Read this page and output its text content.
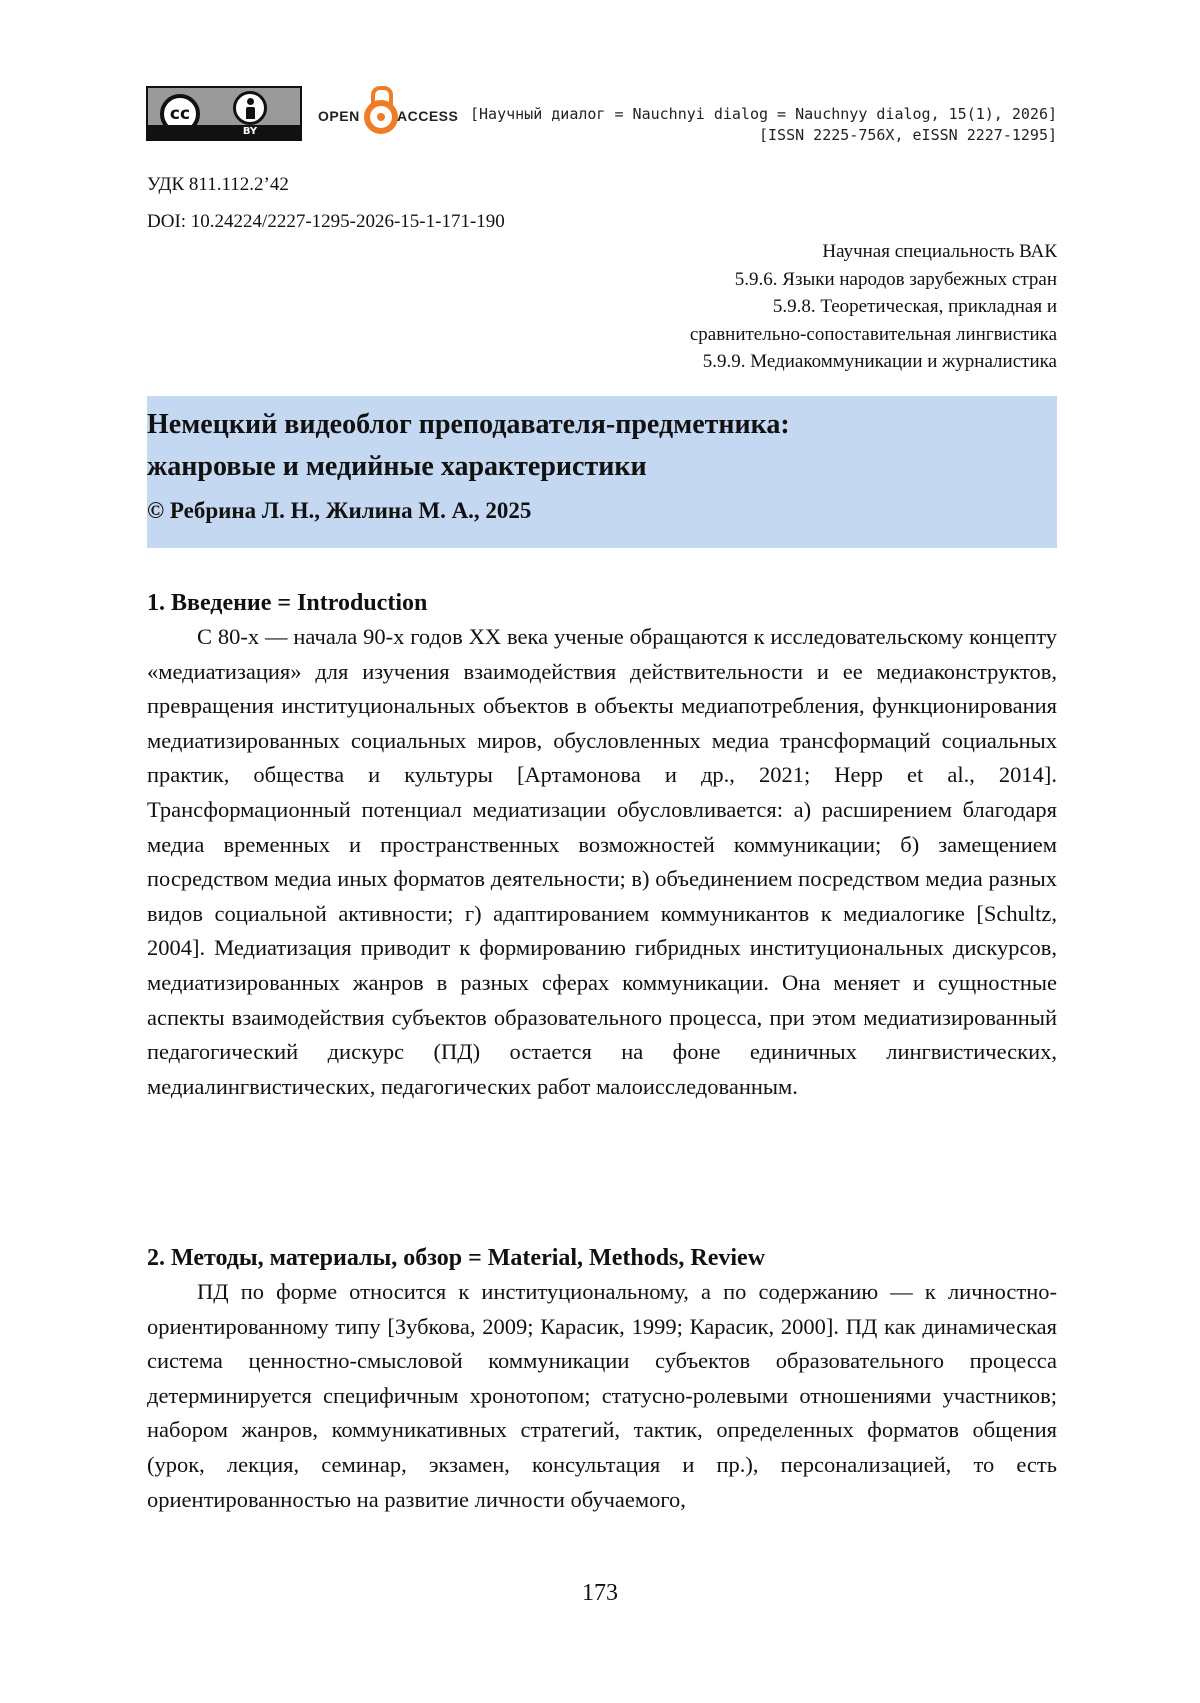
cc
BY
OPEN	ACCESS [Научный диалог = Nauchnyi dialog = Nauchnyy dialog, 15(1), 2026]
[ISSN 2225-756X, eISSN 2227-1295]
УДК 811.112.2’42
DOI: 10.24224/2227-1295-2026-15-1-171-190
Научная специальность ВАК
5.9.6. Языки народов зарубежных стран
5.9.8. Теоретическая, прикладная и
сравнительно-сопоставительная лингвистика
5.9.9. Медиакоммуникации и журналистика
Немецкий видеоблог преподавателя-предметника:
жанровые и медийные характеристики
© Ребрина Л. Н., Жилина М. А., 2025
1. Введение = Introduction
С 80-х — начала 90-х годов XX века ученые обращаются к исследовательскому концепту «медиатизация» для изучения взаимодействия действительности и ее медиаконструктов, превращения институциональных объектов в объекты медиапотребления, функционирования медиатизированных социальных миров, обусловленных медиа трансформаций социальных практик, общества и культуры [Артамонова и др., 2021; Hepp et al., 2014]. Трансформационный потенциал медиатизации обусловливается: а) расширением благодаря медиа временных и пространственных возможностей коммуникации; б) замещением посредством медиа иных форматов деятельности; в) объединением посредством медиа разных видов социальной активности; г) адаптированием коммуникантов к медиалогике [Schultz, 2004]. Медиатизация приводит к формированию гибридных институциональных дискурсов, медиатизированных жанров в разных сферах коммуникации. Она меняет и сущностные аспекты взаимодействия субъектов образовательного процесса, при этом медиатизированный педагогический дискурс (ПД) остается на фоне единичных лингвистических, медиалингвистических, педагогических работ малоисследованным.
2. Методы, материалы, обзор = Material, Methods, Review
ПД по форме относится к институциональному, а по содержанию — к личностно-ориентированному типу [Зубкова, 2009; Карасик, 1999; Карасик, 2000]. ПД как динамическая система ценностно-смысловой коммуникации субъектов образовательного процесса детерминируется специфичным хронотопом; статусно-ролевыми отношениями участников; набором жанров, коммуникативных стратегий, тактик, определенных форматов общения (урок, лекция, семинар, экзамен, консультация и пр.), персонализацией, то есть ориентированностью на развитие личности обучаемого,
173
